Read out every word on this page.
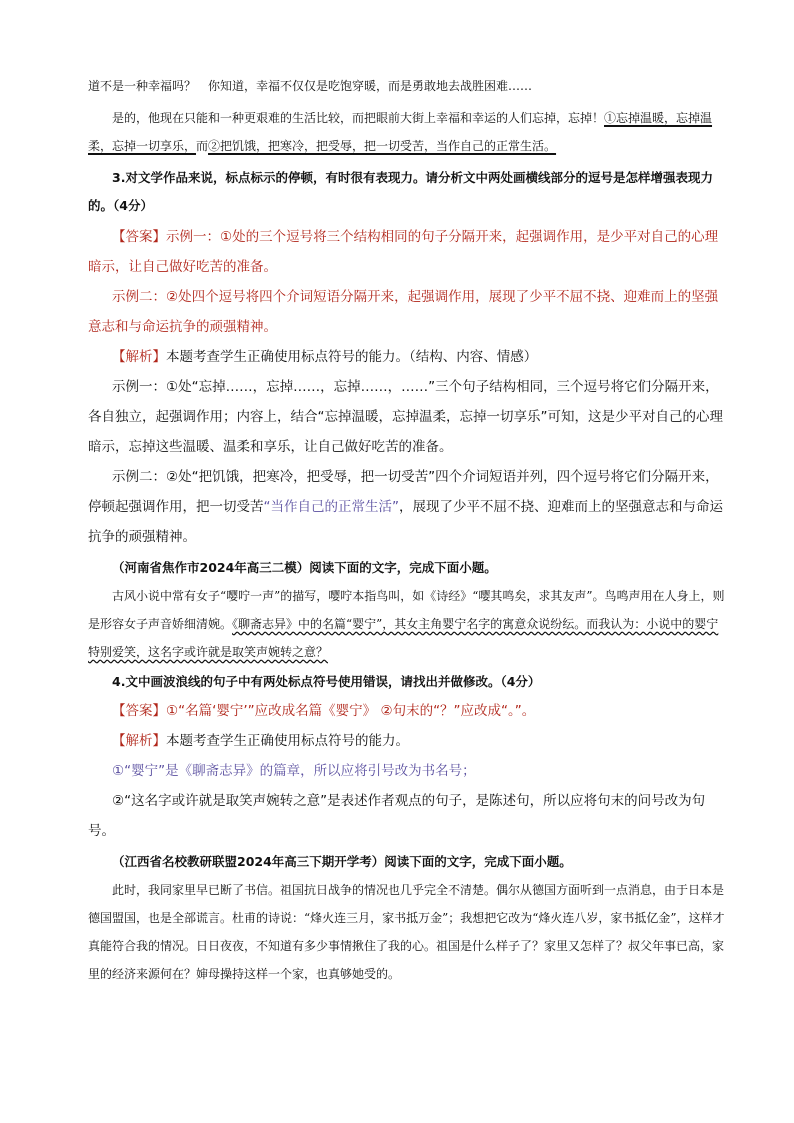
道不是一种幸福吗？　你知道，幸福不仅仅是吃饱穿暖，而是勇敢地去战胜困难……

是的，他现在只能和一种更艰难的生活比较，而把眼前大街上幸福和幸运的人们忘掉，忘掉！①忘掉温暖，忘掉温柔，忘掉一切享乐，而②把饥饿，把寒冷，把受辱，把一切受苦，当作自己的正常生活。

3.对文学作品来说，标点标示的停顿，有时很有表现力。请分析文中两处画横线部分的逗号是怎样增强表现力的。（4分）

【答案】示例一：①处的三个逗号将三个结构相同的句子分隔开来，起强调作用，是少平对自己的心理暗示，让自己做好吃苦的准备。

示例二：②处四个逗号将四个介词短语分隔开来，起强调作用，展现了少平不屈不挠、迎难而上的坚强意志和与命运抗争的顽强精神。

【解析】本题考查学生正确使用标点符号的能力。（结构、内容、情感）

示例一：①处“忘掉……，忘掉……，忘掉……，……”三个句子结构相同，三个逗号将它们分隔开来，各自独立，起强调作用；内容上，结合“忘掉温暖，忘掉温柔，忘掉一切享乐”可知，这是少平对自己的心理暗示，忘掉这些温暖、温柔和享乐，让自己做好吃苦的准备。

示例二：②处“把饥饿，把寒冷，把受辱，把一切受苦”四个介词短语并列，四个逗号将它们分隔开来，停顿起强调作用，把一切受苦“当作自己的正常生活”，展现了少平不屈不挠、迎难而上的坚强意志和与命运抗争的顽强精神。

（河南省焦作市2024年高三二模）阅读下面的文字，完成下面小题。

古风小说中常有女子“嘤咛一声”的描写，嘤咛本指鸟叫，如《诗经》“嘤其鸣矣，求其友声”。鸟鸣声用在人身上，则是形容女子声音娇细清婉。《聊斋志异》中的名篇“婴宁”，其女主角婴宁名字的寓意众说纷纭。而我认为：小说中的婴宁特别爱笑，这名字或许就是取笑声婉转之意？

4.文中画波浪线的句子中有两处标点符号使用错误，请找出并做修改。（4分）

【答案】①“名篇‘婴宁’”应改成名篇《婴宁》 ②句末的“？”应改成“。”。

【解析】本题考查学生正确使用标点符号的能力。

①“婴宁”是《聊斋志异》的篇章，所以应将引号改为书名号；

②“这名字或许就是取笑声婉转之意”是表述作者观点的句子，是陈述句，所以应将句末的问号改为句号。

（江西省名校教研联盟2024年高三下期开学考）阅读下面的文字，完成下面小题。

此时，我同家里早已断了书信。祖国抗日战争的情况也几乎完全不清楚。偶尔从德国方面听到一点消息，由于日本是德国盟国，也是全部谎言。杜甫的诗说：“烽火连三月，家书抵万金”；我想把它改为“烽火连八岁，家书抵亿金”，这样才真能符合我的情况。日日夜夜，不知道有多少事情揪住了我的心。祖国是什么样子了？家里又怎样了？叔父年事已高，家里的经济来源何在？婶母操持这样一个家，也真够她受的。
